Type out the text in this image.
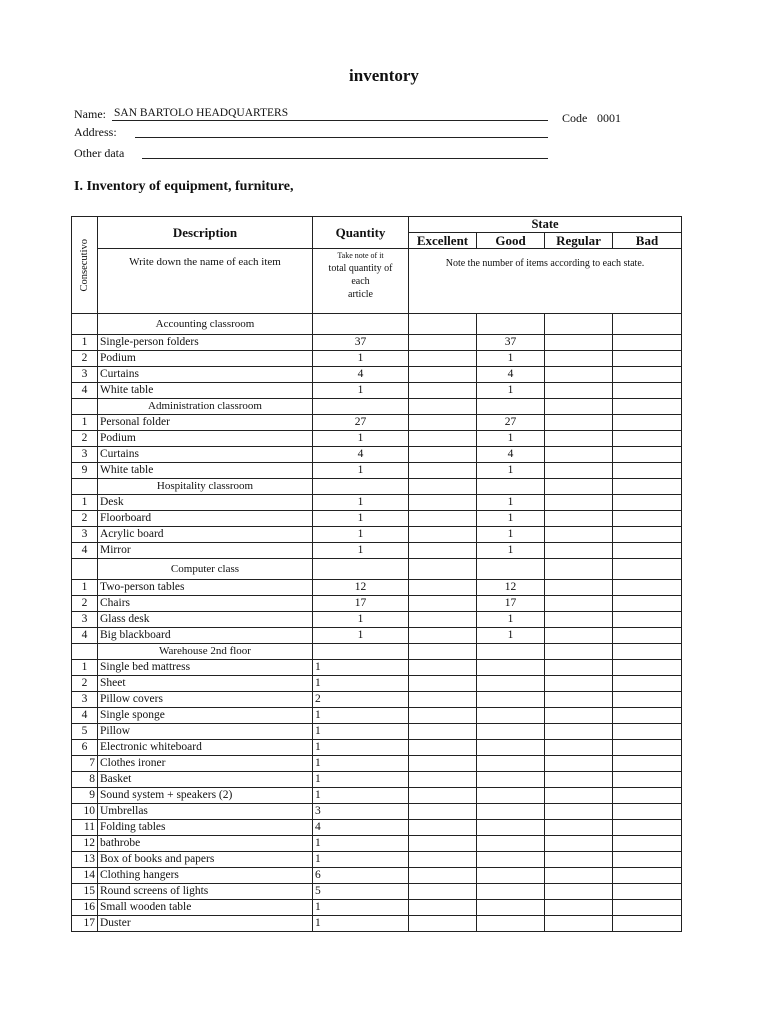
inventory
Name: SAN BARTOLO HEADQUARTERS	Code 0001
Address:
Other data
I. Inventory of equipment, furniture,
Consecutivo	Description	Quantity	State			
			Excellent	Good	Regular	Bad
	Write down the name of each item	Take note of it
total quantity of
each
article	Note the number of items according to each state.			
	Accounting classroom					
1	Single-person folders	37		37		
2	Podium	1		1		
3	Curtains	4		4		
4	White table	1		1		
	Administration classroom					
1	Personal folder	27		27		
2	Podium	1		1		
3	Curtains	4		4		
9	White table	1		1		
	Hospitality classroom					
1	Desk	1		1		
2	Floorboard	1		1		
3	Acrylic board	1		1		
4	Mirror	1		1		
	Computer class					
1	Two-person tables	12		12		
2	Chairs	17		17		
3	Glass desk	1		1		
4	Big blackboard	1		1		
	Warehouse 2nd floor					
1	Single bed mattress	1				
2	Sheet	1				
3	Pillow covers	2				
4	Single sponge	1				
5	Pillow	1				
6	Electronic whiteboard	1				
7	Clothes ironer	1				
8	Basket	1				
9	Sound system + speakers (2)	1				
10	Umbrellas	3				
11	Folding tables	4				
12	bathrobe	1				
13	Box of books and papers	1				
14	Clothing hangers	6				
15	Round screens of lights	5				
16	Small wooden table	1				
17	Duster	1				
